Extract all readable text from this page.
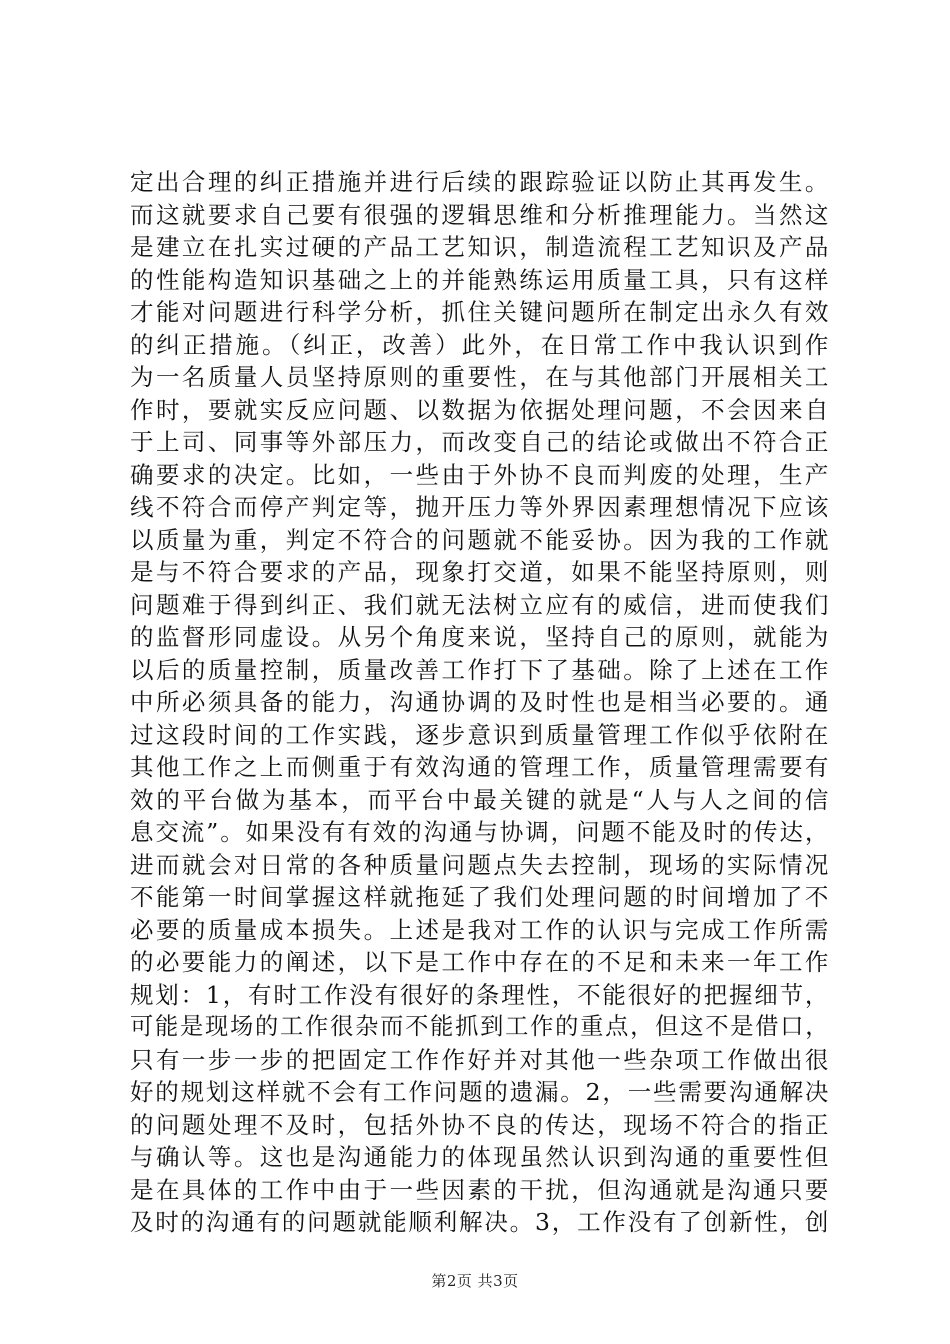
定出合理的纠正措施并进行后续的跟踪验证以防止其再发生。
而这就要求自己要有很强的逻辑思维和分析推理能力。当然这
是建立在扎实过硬的产品工艺知识，制造流程工艺知识及产品
的性能构造知识基础之上的并能熟练运用质量工具，只有这样
才能对问题进行科学分析，抓住关键问题所在制定出永久有效
的纠正措施。（纠正，改善）此外，在日常工作中我认识到作
为一名质量人员坚持原则的重要性，在与其他部门开展相关工
作时，要就实反应问题、以数据为依据处理问题，不会因来自
于上司、同事等外部压力，而改变自己的结论或做出不符合正
确要求的决定。比如，一些由于外协不良而判废的处理，生产
线不符合而停产判定等，抛开压力等外界因素理想情况下应该
以质量为重，判定不符合的问题就不能妥协。因为我的工作就
是与不符合要求的产品，现象打交道，如果不能坚持原则，则
问题难于得到纠正、我们就无法树立应有的威信，进而使我们
的监督形同虚设。从另个角度来说，坚持自己的原则，就能为
以后的质量控制，质量改善工作打下了基础。除了上述在工作
中所必须具备的能力，沟通协调的及时性也是相当必要的。通
过这段时间的工作实践，逐步意识到质量管理工作似乎依附在
其他工作之上而侧重于有效沟通的管理工作，质量管理需要有
效的平台做为基本，而平台中最关键的就是“人与人之间的信
息交流”。如果没有有效的沟通与协调，问题不能及时的传达，
进而就会对日常的各种质量问题点失去控制，现场的实际情况
不能第一时间掌握这样就拖延了我们处理问题的时间增加了不
必要的质量成本损失。上述是我对工作的认识与完成工作所需
的必要能力的阐述，以下是工作中存在的不足和未来一年工作
规划：1，有时工作没有很好的条理性，不能很好的把握细节，
可能是现场的工作很杂而不能抓到工作的重点，但这不是借口，
只有一步一步的把固定工作作好并对其他一些杂项工作做出很
好的规划这样就不会有工作问题的遗漏。2，一些需要沟通解决
的问题处理不及时，包括外协不良的传达，现场不符合的指正
与确认等。这也是沟通能力的体现虽然认识到沟通的重要性但
是在具体的工作中由于一些因素的干扰，但沟通就是沟通只要
及时的沟通有的问题就能顺利解决。3，工作没有了创新性，创
第2页 共3页
